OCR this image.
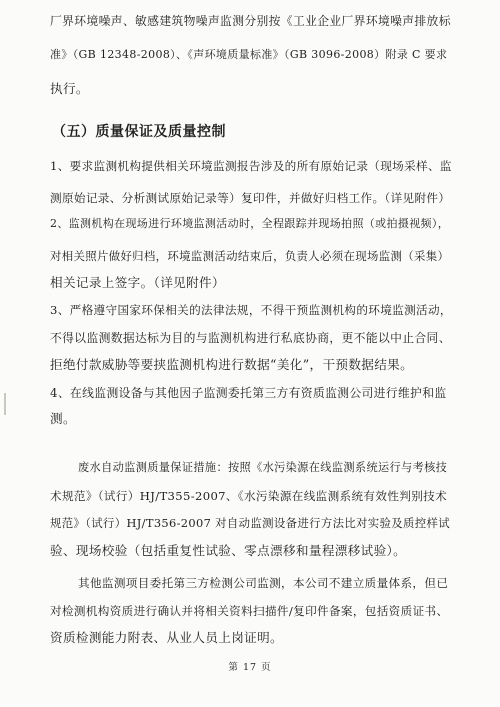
厂界环境噪声、敏感建筑物噪声监测分别按《工业企业厂界环境噪声排放标
准》（GB 12348-2008）、《声环境质量标准》（GB 3096-2008）附录 C 要求
执行。
（五）质量保证及质量控制
1、要求监测机构提供相关环境监测报告涉及的所有原始记录（现场采样、监
测原始记录、分析测试原始记录等）复印件，并做好归档工作。（详见附件）
2、监测机构在现场进行环境监测活动时，全程跟踪并现场拍照（或拍摄视频），
对相关照片做好归档，环境监测活动结束后，负责人必须在现场监测（采集）
相关记录上签字。（详见附件）
3、严格遵守国家环保相关的法律法规，不得干预监测机构的环境监测活动，
不得以监测数据达标为目的与监测机构进行私底协商，更不能以中止合同、
拒绝付款威胁等要挟监测机构进行数据“美化”，干预数据结果。
4、在线监测设备与其他因子监测委托第三方有资质监测公司进行维护和监
测。
废水自动监测质量保证措施：按照《水污染源在线监测系统运行与考核技
术规范》（试行）HJ/T355-2007、《水污染源在线监测系统有效性判别技术
规范》（试行）HJ/T356-2007 对自动监测设备进行方法比对实验及质控样试
验、现场校验（包括重复性试验、零点漂移和量程漂移试验）。
其他监测项目委托第三方检测公司监测，本公司不建立质量体系，但已
对检测机构资质进行确认并将相关资料扫描件/复印件备案，包括资质证书、
资质检测能力附表、从业人员上岗证明。
第 17 页
